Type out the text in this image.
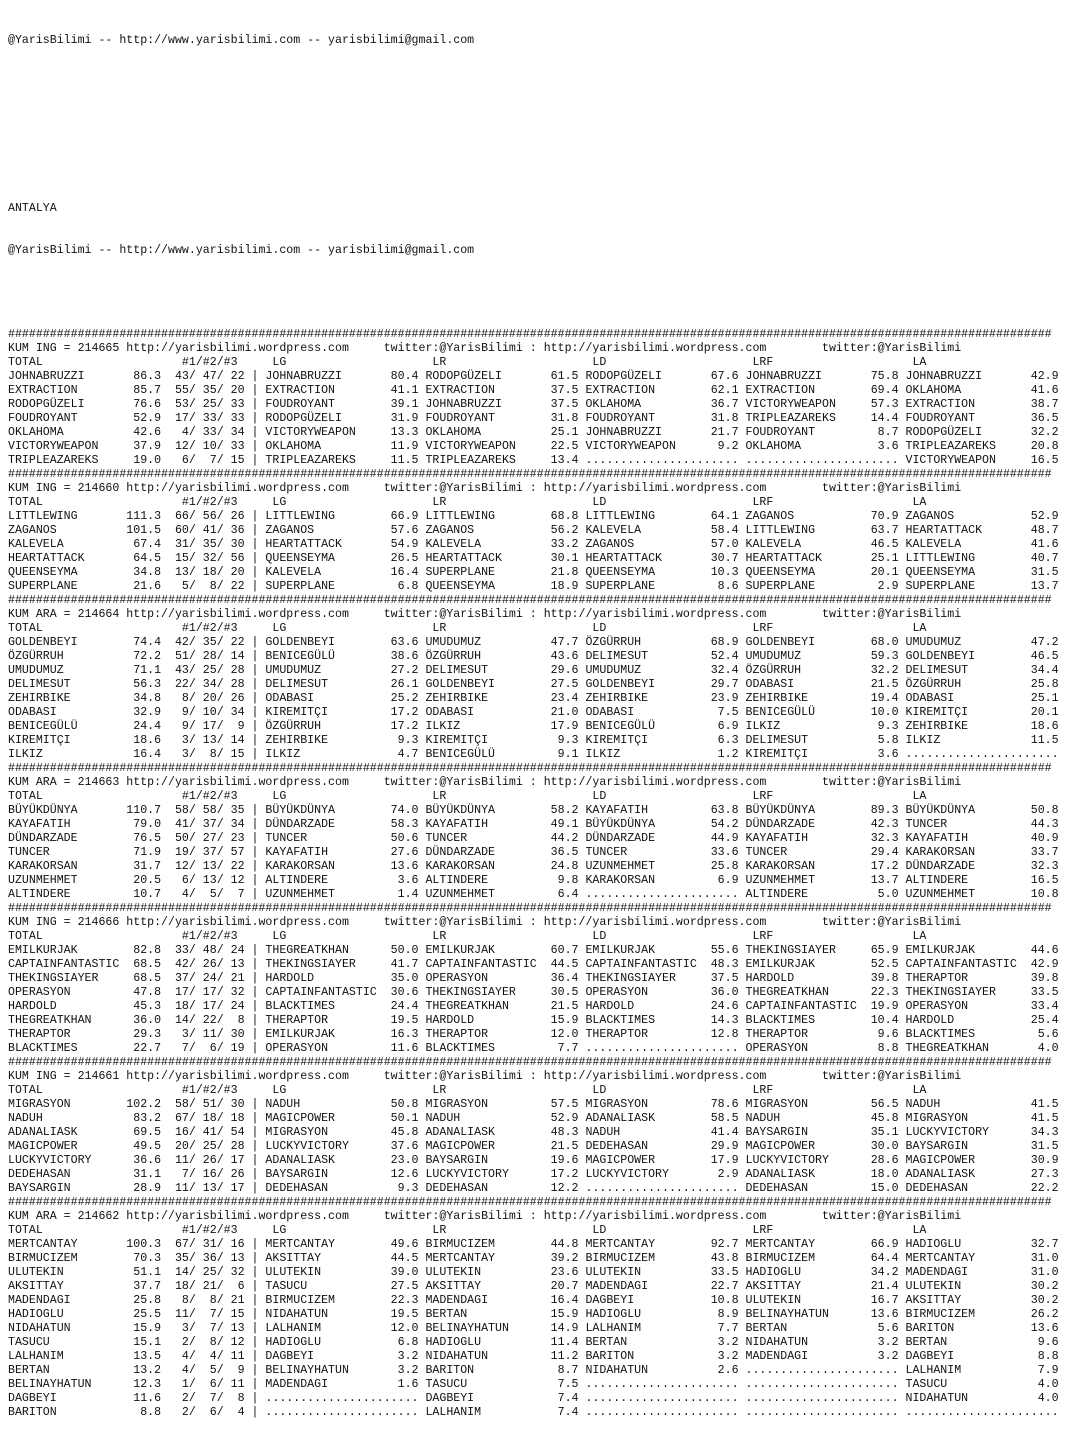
@YarisBilimi -- http://www.yarisbilimi.com -- yarisbilimi@gmail.com

ANTALYA

@YarisBilimi -- http://www.yarisbilimi.com -- yarisbilimi@gmail.com

######################################################################################################################################################
KUM ING = 214665 http://yarisbilimi.wordpress.com     twitter:@YarisBilimi : http://yarisbilimi.wordpress.com        twitter:@YarisBilimi
TOTAL                    #1/#2/#3     LG                     LR                     LD                     LRF                    LA
JOHNABRUZZI       86.3  43/ 47/ 22 | JOHNABRUZZI       80.4 RODOPGÜZELI       61.5 RODOPGÜZELI       67.6 JOHNABRUZZI       75.8 JOHNABRUZZI       42.9
EXTRACTION        85.7  55/ 35/ 20 | EXTRACTION        41.1 EXTRACTION        37.5 EXTRACTION        62.1 EXTRACTION        69.4 OKLAHOMA          41.6
RODOPGÜZELI       76.6  53/ 25/ 33 | FOUDROYANT        39.1 JOHNABRUZZI       37.5 OKLAHOMA          36.7 VICTORYWEAPON     57.3 EXTRACTION        38.7
FOUDROYANT        52.9  17/ 33/ 33 | RODOPGÜZELI       31.9 FOUDROYANT        31.8 FOUDROYANT        31.8 TRIPLEAZAREKS     14.4 FOUDROYANT        36.5
OKLAHOMA          42.6   4/ 33/ 34 | VICTORYWEAPON     13.3 OKLAHOMA          25.1 JOHNABRUZZI       21.7 FOUDROYANT         8.7 RODOPGÜZELI       32.2
VICTORYWEAPON     37.9  12/ 10/ 33 | OKLAHOMA          11.9 VICTORYWEAPON     22.5 VICTORYWEAPON      9.2 OKLAHOMA           3.6 TRIPLEAZAREKS     20.8
TRIPLEAZAREKS     19.0   6/  7/ 15 | TRIPLEAZAREKS     11.5 TRIPLEAZAREKS     13.4 ...................... ...................... VICTORYWEAPON     16.5
######################################################################################################################################################
KUM ING = 214660 http://yarisbilimi.wordpress.com     twitter:@YarisBilimi : http://yarisbilimi.wordpress.com        twitter:@YarisBilimi
TOTAL                    #1/#2/#3     LG                     LR                     LD                     LRF                    LA
LITTLEWING       111.3  66/ 56/ 26 | LITTLEWING        66.9 LITTLEWING        68.8 LITTLEWING        64.1 ZAGANOS           70.9 ZAGANOS           52.9
ZAGANOS          101.5  60/ 41/ 36 | ZAGANOS           57.6 ZAGANOS           56.2 KALEVELA          58.4 LITTLEWING        63.7 HEARTATTACK       48.7
KALEVELA          67.4  31/ 35/ 30 | HEARTATTACK       54.9 KALEVELA          33.2 ZAGANOS           57.0 KALEVELA          46.5 KALEVELA          41.6
HEARTATTACK       64.5  15/ 32/ 56 | QUEENSEYMA        26.5 HEARTATTACK       30.1 HEARTATTACK       30.7 HEARTATTACK       25.1 LITTLEWING        40.7
QUEENSEYMA        34.8  13/ 18/ 20 | KALEVELA          16.4 SUPERPLANE        21.8 QUEENSEYMA        10.3 QUEENSEYMA        20.1 QUEENSEYMA        31.5
SUPERPLANE        21.6   5/  8/ 22 | SUPERPLANE         6.8 QUEENSEYMA        18.9 SUPERPLANE         8.6 SUPERPLANE         2.9 SUPERPLANE        13.7
######################################################################################################################################################
KUM ARA = 214664 http://yarisbilimi.wordpress.com     twitter:@YarisBilimi : http://yarisbilimi.wordpress.com        twitter:@YarisBilimi
TOTAL                    #1/#2/#3     LG                     LR                     LD                     LRF                    LA
GOLDENBEYI        74.4  42/ 35/ 22 | GOLDENBEYI        63.6 UMUDUMUZ          47.7 ÖZGÜRRUH          68.9 GOLDENBEYI        68.0 UMUDUMUZ          47.2
ÖZGÜRRUH          72.2  51/ 28/ 14 | BENICEGÜLÜ        38.6 ÖZGÜRRUH          43.6 DELIMESUT         52.4 UMUDUMUZ          59.3 GOLDENBEYI        46.5
UMUDUMUZ          71.1  43/ 25/ 28 | UMUDUMUZ          27.2 DELIMESUT         29.6 UMUDUMUZ          32.4 ÖZGÜRRUH          32.2 DELIMESUT         34.4
DELIMESUT         56.3  22/ 34/ 28 | DELIMESUT         26.1 GOLDENBEYI        27.5 GOLDENBEYI        29.7 ODABASI           21.5 ÖZGÜRRUH          25.8
ZEHIRBIKE         34.8   8/ 20/ 26 | ODABASI           25.2 ZEHIRBIKE         23.4 ZEHIRBIKE         23.9 ZEHIRBIKE         19.4 ODABASI           25.1
ODABASI           32.9   9/ 10/ 34 | KIREMITÇI         17.2 ODABASI           21.0 ODABASI            7.5 BENICEGÜLÜ        10.0 KIREMITÇI         20.1
BENICEGÜLÜ        24.4   9/ 17/  9 | ÖZGÜRRUH          17.2 ILKIZ             17.9 BENICEGÜLÜ         6.9 ILKIZ              9.3 ZEHIRBIKE         18.6
KIREMITÇI         18.6   3/ 13/ 14 | ZEHIRBIKE          9.3 KIREMITÇI          9.3 KIREMITÇI          6.3 DELIMESUT          5.8 ILKIZ             11.5
ILKIZ             16.4   3/  8/ 15 | ILKIZ              4.7 BENICEGÜLÜ         9.1 ILKIZ              1.2 KIREMITÇI          3.6 ......................
######################################################################################################################################################
KUM ARA = 214663 http://yarisbilimi.wordpress.com     twitter:@YarisBilimi : http://yarisbilimi.wordpress.com        twitter:@YarisBilimi
TOTAL                    #1/#2/#3     LG                     LR                     LD                     LRF                    LA
BÜYÜKDÜNYA       110.7  58/ 58/ 35 | BÜYÜKDÜNYA        74.0 BÜYÜKDÜNYA        58.2 KAYAFATIH         63.8 BÜYÜKDÜNYA        89.3 BÜYÜKDÜNYA        50.8
KAYAFATIH         79.0  41/ 37/ 34 | DÜNDARZADE        58.3 KAYAFATIH         49.1 BÜYÜKDÜNYA        54.2 DÜNDARZADE        42.3 TUNCER            44.3
DÜNDARZADE        76.5  50/ 27/ 23 | TUNCER            50.6 TUNCER            44.2 DÜNDARZADE        44.9 KAYAFATIH         32.3 KAYAFATIH         40.9
TUNCER            71.9  19/ 37/ 57 | KAYAFATIH         27.6 DÜNDARZADE        36.5 TUNCER            33.6 TUNCER            29.4 KARAKORSAN        33.7
KARAKORSAN        31.7  12/ 13/ 22 | KARAKORSAN        13.6 KARAKORSAN        24.8 UZUNMEHMET        25.8 KARAKORSAN        17.2 DÜNDARZADE        32.3
UZUNMEHMET        20.5   6/ 13/ 12 | ALTINDERE          3.6 ALTINDERE          9.8 KARAKORSAN         6.9 UZUNMEHMET        13.7 ALTINDERE         16.5
ALTINDERE         10.7   4/  5/  7 | UZUNMEHMET         1.4 UZUNMEHMET         6.4 ...................... ALTINDERE          5.0 UZUNMEHMET        10.8
######################################################################################################################################################
KUM ING = 214666 http://yarisbilimi.wordpress.com     twitter:@YarisBilimi : http://yarisbilimi.wordpress.com        twitter:@YarisBilimi
TOTAL                    #1/#2/#3     LG                     LR                     LD                     LRF                    LA
EMILKURJAK        82.8  33/ 48/ 24 | THEGREATKHAN      50.0 EMILKURJAK        60.7 EMILKURJAK        55.6 THEKINGSIAYER     65.9 EMILKURJAK        44.6
CAPTAINFANTASTIC  68.5  42/ 26/ 13 | THEKINGSIAYER     41.7 CAPTAINFANTASTIC  44.5 CAPTAINFANTASTIC  48.3 EMILKURJAK        52.5 CAPTAINFANTASTIC  42.9
THEKINGSIAYER     68.5  37/ 24/ 21 | HARDOLD           35.0 OPERASYON         36.4 THEKINGSIAYER     37.5 HARDOLD           39.8 THERAPTOR         39.8
OPERASYON         47.8  17/ 17/ 32 | CAPTAINFANTASTIC  30.6 THEKINGSIAYER     30.5 OPERASYON         36.0 THEGREATKHAN      22.3 THEKINGSIAYER     33.5
HARDOLD           45.3  18/ 17/ 24 | BLACKTIMES        24.4 THEGREATKHAN      21.5 HARDOLD           24.6 CAPTAINFANTASTIC  19.9 OPERASYON         33.4
THEGREATKHAN      36.0  14/ 22/  8 | THERAPTOR         19.5 HARDOLD           15.9 BLACKTIMES        14.3 BLACKTIMES        10.4 HARDOLD           25.4
THERAPTOR         29.3   3/ 11/ 30 | EMILKURJAK        16.3 THERAPTOR         12.0 THERAPTOR         12.8 THERAPTOR          9.6 BLACKTIMES         5.6
BLACKTIMES        22.7   7/  6/ 19 | OPERASYON         11.6 BLACKTIMES         7.7 ...................... OPERASYON          8.8 THEGREATKHAN       4.0
######################################################################################################################################################
KUM ING = 214661 http://yarisbilimi.wordpress.com     twitter:@YarisBilimi : http://yarisbilimi.wordpress.com        twitter:@YarisBilimi
TOTAL                    #1/#2/#3     LG                     LR                     LD                     LRF                    LA
MIGRASYON        102.2  58/ 51/ 30 | NADUH             50.8 MIGRASYON         57.5 MIGRASYON         78.6 MIGRASYON         56.5 NADUH             41.5
NADUH             83.2  67/ 18/ 18 | MAGICPOWER        50.1 NADUH             52.9 ADANALIASK        58.5 NADUH             45.8 MIGRASYON         41.5
ADANALIASK        69.5  16/ 41/ 54 | MIGRASYON         45.8 ADANALIASK        48.3 NADUH             41.4 BAYSARGIN         35.1 LUCKYVICTORY      34.3
MAGICPOWER        49.5  20/ 25/ 28 | LUCKYVICTORY      37.6 MAGICPOWER        21.5 DEDEHASAN         29.9 MAGICPOWER        30.0 BAYSARGIN         31.5
LUCKYVICTORY      36.6  11/ 26/ 17 | ADANALIASK        23.0 BAYSARGIN         19.6 MAGICPOWER        17.9 LUCKYVICTORY      28.6 MAGICPOWER        30.9
DEDEHASAN         31.1   7/ 16/ 26 | BAYSARGIN         12.6 LUCKYVICTORY      17.2 LUCKYVICTORY       2.9 ADANALIASK        18.0 ADANALIASK        27.3
BAYSARGIN         28.9  11/ 13/ 17 | DEDEHASAN          9.3 DEDEHASAN         12.2 ...................... DEDEHASAN         15.0 DEDEHASAN         22.2
######################################################################################################################################################
KUM ARA = 214662 http://yarisbilimi.wordpress.com     twitter:@YarisBilimi : http://yarisbilimi.wordpress.com        twitter:@YarisBilimi
TOTAL                    #1/#2/#3     LG                     LR                     LD                     LRF                    LA
MERTCANTAY       100.3  67/ 31/ 16 | MERTCANTAY        49.6 BIRMUCIZEM        44.8 MERTCANTAY        92.7 MERTCANTAY        66.9 HADIOGLU          32.7
BIRMUCIZEM        70.3  35/ 36/ 13 | AKSITTAY          44.5 MERTCANTAY        39.2 BIRMUCIZEM        43.8 BIRMUCIZEM        64.4 MERTCANTAY        31.0
ULUTEKIN          51.1  14/ 25/ 32 | ULUTEKIN          39.0 ULUTEKIN          23.6 ULUTEKIN          33.5 HADIOGLU          34.2 MADENDAGI         31.0
AKSITTAY          37.7  18/ 21/  6 | TASUCU            27.5 AKSITTAY          20.7 MADENDAGI         22.7 AKSITTAY          21.4 ULUTEKIN          30.2
MADENDAGI         25.8   8/  8/ 21 | BIRMUCIZEM        22.3 MADENDAGI         16.4 DAGBEYI           10.8 ULUTEKIN          16.7 AKSITTAY          30.2
HADIOGLU          25.5  11/  7/ 15 | NIDAHATUN         19.5 BERTAN            15.9 HADIOGLU           8.9 BELINAYHATUN      13.6 BIRMUCIZEM        26.2
NIDAHATUN         15.9   3/  7/ 13 | LALHANIM          12.0 BELINAYHATUN      14.9 LALHANIM           7.7 BERTAN             5.6 BARITON           13.6
TASUCU            15.1   2/  8/ 12 | HADIOGLU           6.8 HADIOGLU          11.4 BERTAN             3.2 NIDAHATUN          3.2 BERTAN             9.6
LALHANIM          13.5   4/  4/ 11 | DAGBEYI            3.2 NIDAHATUN         11.2 BARITON            3.2 MADENDAGI          3.2 DAGBEYI            8.8
BERTAN            13.2   4/  5/  9 | BELINAYHATUN       3.2 BARITON            8.7 NIDAHATUN          2.6 ...................... LALHANIM           7.9
BELINAYHATUN      12.3   1/  6/ 11 | MADENDAGI          1.6 TASUCU             7.5 ...................... ...................... TASUCU             4.0
DAGBEYI           11.6   2/  7/  8 | ...................... DAGBEYI            7.4 ...................... ...................... NIDAHATUN          4.0
BARITON            8.8   2/  6/  4 | ...................... LALHANIM           7.4 ...................... ...................... ......................
